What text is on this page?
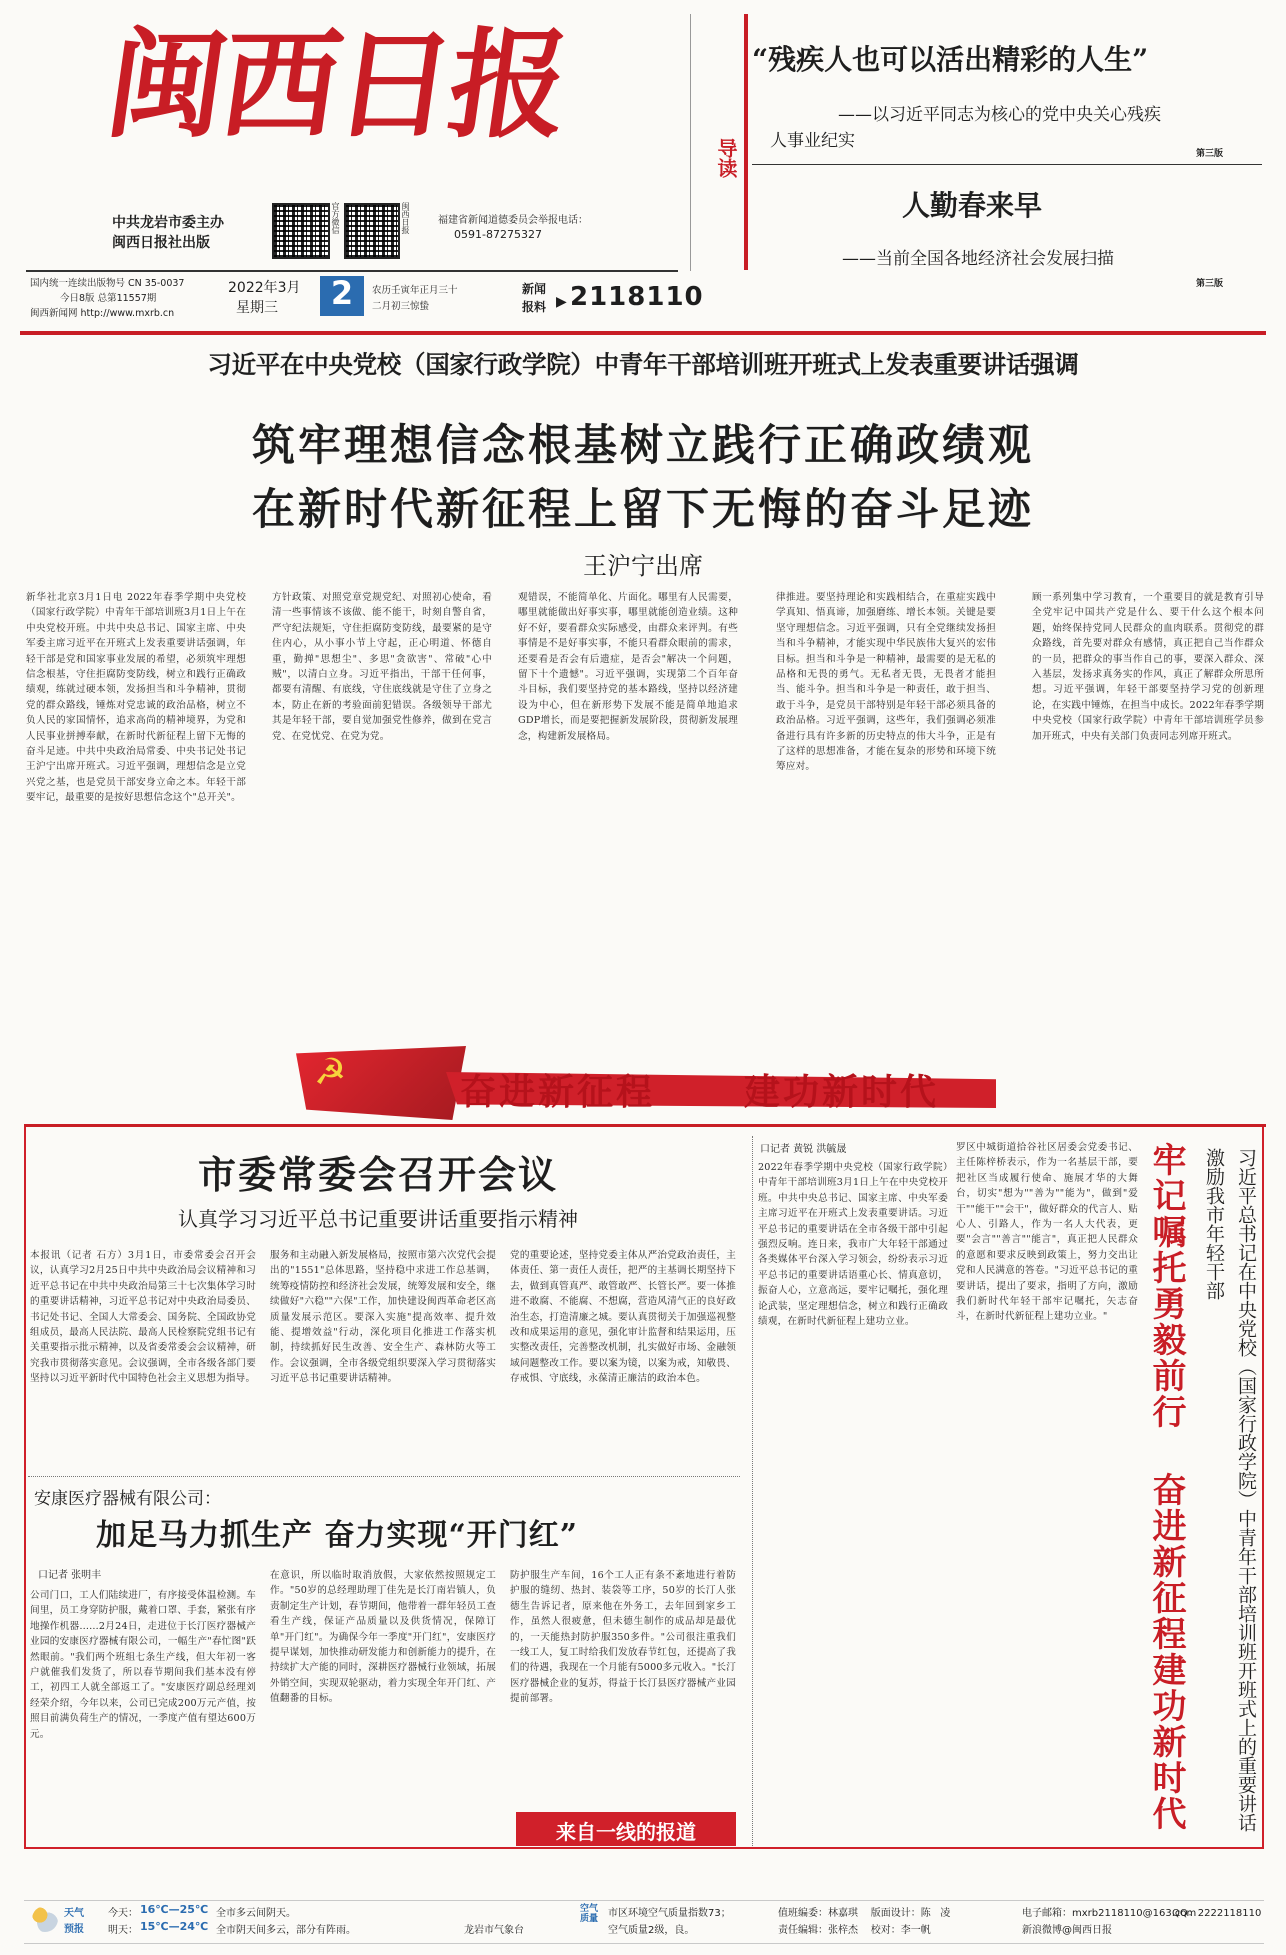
闽西日报
中共龙岩市委主办
闽西日报社出版
官方微信	闽西日报	福建省新闻道德委员会举报电话：
0591-87275327
国内统一连续出版物号 CN 35-0037
今日8版 总第11557期
闽西新闻网 http://www.mxrb.cn
2022年3月
星期三	2	农历壬寅年正月三十
二月初三惊蛰
新闻
报料 ▶ 2118110
导读
“残疾人也可以活出精彩的人生”
——以习近平同志为核心的党中央关心残疾
人事业纪实
第三版
人勤春来早
——当前全国各地经济社会发展扫描
第三版
习近平在中央党校（国家行政学院）中青年干部培训班开班式上发表重要讲话强调
筑牢理想信念根基树立践行正确政绩观
在新时代新征程上留下无悔的奋斗足迹
王沪宁出席
新华社北京3月1日电 2022年春季学期中央党校（国家行政学院）中青年干部培训班3月1日上午在中央党校开班。中共中央总书记、国家主席、中央军委主席习近平在开班式上发表重要讲话强调，年轻干部是党和国家事业发展的希望，必须筑牢理想信念根基，守住拒腐防变防线，树立和践行正确政绩观，练就过硬本领，发扬担当和斗争精神，贯彻党的群众路线，锤炼对党忠诚的政治品格，树立不负人民的家国情怀，追求高尚的精神境界，为党和人民事业拼搏奉献，在新时代新征程上留下无悔的奋斗足迹。中共中央政治局常委、中央书记处书记王沪宁出席开班式。习近平强调，理想信念是立党兴党之基，也是党员干部安身立命之本。年轻干部要牢记，最重要的是按好思想信念这个"总开关"。
方针政策、对照党章党规党纪、对照初心使命，看清一些事情该不该做、能不能干，时刻自警自省，严守纪法规矩，守住拒腐防变防线，最要紧的是守住内心，从小事小节上守起，正心明道、怀德自重，勤掸"思想尘"、多思"贪欲害"、常破"心中贼"，以清白立身。习近平指出，干部干任何事，都要有清醒、有底线，守住底线就是守住了立身之本，防止在新的考验面前犯错误。各级领导干部尤其是年轻干部，要自觉加强党性修养，做到在党言党、在党忧党、在党为党。
观错误，不能简单化、片面化。哪里有人民需要，哪里就能做出好事实事，哪里就能创造业绩。这种好不好，要看群众实际感受，由群众来评判。有些事情是不是好事实事，不能只看群众眼前的需求，还要看是否会有后遗症，是否会"解决一个问题，留下十个遗憾"。习近平强调，实现第二个百年奋斗目标，我们要坚持党的基本路线，坚持以经济建设为中心，但在新形势下发展不能是简单地追求GDP增长，而是要把握新发展阶段，贯彻新发展理念，构建新发展格局。
律推进。要坚持理论和实践相结合，在重症实践中学真知、悟真谛，加强磨练、增长本领。关键是要坚守理想信念。习近平强调，只有全党继续发扬担当和斗争精神，才能实现中华民族伟大复兴的宏伟目标。担当和斗争是一种精神，最需要的是无私的品格和无畏的勇气。无私者无畏，无畏者才能担当、能斗争。担当和斗争是一种责任，敢于担当、敢于斗争，是党员干部特别是年轻干部必须具备的政治品格。习近平强调，这些年，我们强调必须准备进行具有许多新的历史特点的伟大斗争，正是有了这样的思想准备，才能在复杂的形势和环境下统筹应对。
顾一系列集中学习教育，一个重要目的就是教育引导全党牢记中国共产党是什么、要干什么这个根本问题，始终保持党同人民群众的血肉联系。贯彻党的群众路线，首先要对群众有感情，真正把自己当作群众的一员，把群众的事当作自己的事，要深入群众、深入基层，发扬求真务实的作风，真正了解群众所思所想。习近平强调，年轻干部要坚持学习党的创新理论，在实践中锤炼，在担当中成长。2022年春季学期中央党校（国家行政学院）中青年干部培训班学员参加开班式，中央有关部门负责同志列席开班式。
☭	奋进新征程 建功新时代
市委常委会召开会议
认真学习习近平总书记重要讲话重要指示精神
本报讯（记者 石方）3月1日，市委常委会召开会议，认真学习2月25日中共中央政治局会议精神和习近平总书记在中共中央政治局第三十七次集体学习时的重要讲话精神，习近平总书记对中央政治局委员、书记处书记、全国人大常委会、国务院、全国政协党组成员，最高人民法院、最高人民检察院党组书记有关重要指示批示精神，以及省委常委会会议精神，研究我市贯彻落实意见。会议强调，全市各级各部门要坚持以习近平新时代中国特色社会主义思想为指导。
服务和主动融入新发展格局，按照市第六次党代会提出的"1551"总体思路，坚持稳中求进工作总基调，统筹疫情防控和经济社会发展，统筹发展和安全，继续做好"六稳""六保"工作，加快建设闽西革命老区高质量发展示范区。要深入实施"提高效率、提升效能、提增效益"行动，深化项目化推进工作落实机制，持续抓好民生改善、安全生产、森林防火等工作。会议强调，全市各级党组织要深入学习贯彻落实习近平总书记重要讲话精神。
党的重要论述，坚持党委主体从严治党政治责任，主体责任、第一责任人责任，把严的主基调长期坚持下去，做到真管真严、敢管敢严、长管长严。要一体推进不敢腐、不能腐、不想腐，营造风清气正的良好政治生态，打造清廉之城。要认真贯彻关于加强巡视整改和成果运用的意见，强化审计监督和结果运用，压实整改责任，完善整改机制，扎实做好市场、金融领域问题整改工作。要以案为镜，以案为戒，知敬畏、存戒惧、守底线，永葆清正廉洁的政治本色。
安康医疗器械有限公司：
加足马力抓生产 奋力实现“开门红”
口记者 张明丰
公司门口，工人们陆续进厂，有序接受体温检测。车间里，员工身穿防护服，戴着口罩、手套，紧张有序地操作机器……2月24日，走进位于长汀医疗器械产业园的安康医疗器械有限公司，一幅生产"春忙图"跃然眼前。"我们两个班组七条生产线，但大年初一客户就催我们发货了，所以春节期间我们基本没有停工，初四工人就全部返工了。"安康医疗副总经理刘经荣介绍，今年以来，公司已完成200万元产值，按照目前满负荷生产的情况，一季度产值有望达600万元。
在意识，所以临时取消放假，大家依然按照规定工作。"50岁的总经理助理丁佳先是长汀南岩镇人，负责制定生产计划，春节期间，他带着一群年轻员工查看生产线，保证产品质量以及供货情况，保障订单"开门红"。为确保今年一季度"开门红"，安康医疗提早谋划，加快推动研发能力和创新能力的提升，在持续扩大产能的同时，深耕医疗器械行业领域，拓展外销空间，实现双轮驱动，着力实现全年开门红、产值翻番的目标。
防护服生产车间，16个工人正有条不紊地进行着防护服的缝纫、热封、装袋等工序，50岁的长汀人张德生告诉记者，原来他在外务工，去年回到家乡工作，虽然人很疲惫，但未德生制作的成品却是最优的，一天能热封防护服350多件。"公司很注重我们一线工人，复工时给我们发放春节红包，还提高了我们的待遇，我现在一个月能有5000多元收入。"长汀医疗器械企业的复苏，得益于长汀县医疗器械产业园提前部署。
来自一线的报道
口记者 黄锐 洪毓晟
2022年春季学期中央党校（国家行政学院）中青年干部培训班3月1日上午在中央党校开班。中共中央总书记、国家主席、中央军委主席习近平在开班式上发表重要讲话。习近平总书记的重要讲话在全市各级干部中引起强烈反响。连日来，我市广大年轻干部通过各类媒体平台深入学习领会，纷纷表示习近平总书记的重要讲话语重心长、情真意切，振奋人心，立意高远，要牢记嘱托，强化理论武装，坚定理想信念，树立和践行正确政绩观，在新时代新征程上建功立业。
罗区中城街道拾谷社区居委会党委书记、主任陈梓桥表示，作为一名基层干部，要把社区当成履行使命、施展才华的大舞台，切实"想为""善为""能为"，做到"爱干""能干""会干"，做好群众的代言人、贴心人、引路人，作为一名人大代表，更要"会言""善言""能言"，真正把人民群众的意愿和要求反映到政策上，努力交出让党和人民满意的答卷。"习近平总书记的重要讲话，提出了要求，指明了方向，激励我们新时代年轻干部牢记嘱托，矢志奋斗，在新时代新征程上建功立业。"	牢记嘱托勇毅前行 奋进新征程建功新时代	习近平总书记在中央党校（国家行政学院）中青年干部培训班开班式上的重要讲话激励我市年轻干部
天气
预报
今天： 16℃—25℃ 全市多云间阴天。
明天： 15℃—24℃ 全市阴天间多云，部分有阵雨。	龙岩市气象台
空气质量 市区环境空气质量指数73；
空气质量2级，良。
值班编委：林嘉琪    版面设计：陈   凌
责任编辑：张梓杰    校对：李一帆
电子邮箱：mxrb2118110@163.com
QQ：2222118110
新浪微博@闽西日报
